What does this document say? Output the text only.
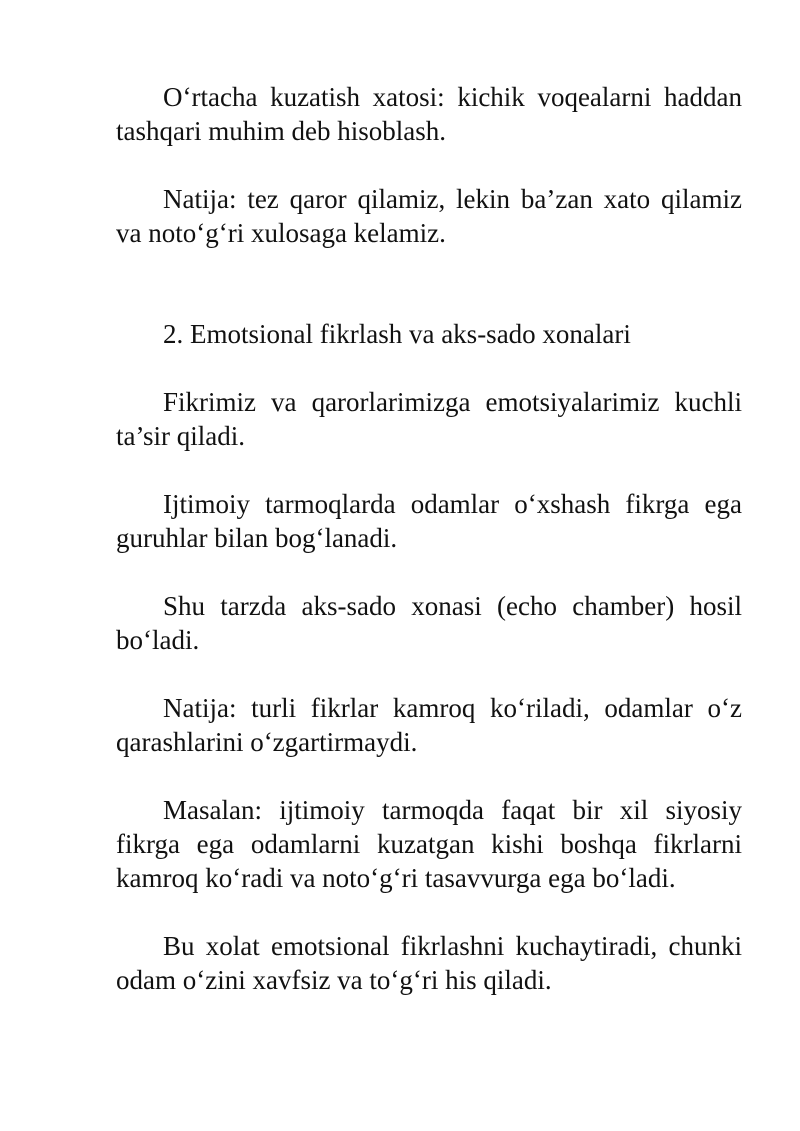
O‘rtacha kuzatish xatosi: kichik voqealarni haddan tashqari muhim deb hisoblash.

Natija: tez qaror qilamiz, lekin ba’zan xato qilamiz va noto‘g‘ri xulosaga kelamiz.

2. Emotsional fikrlash va aks-sado xonalari

Fikrimiz va qarorlarimizga emotsiyalarimiz kuchli ta’sir qiladi.

Ijtimoiy tarmoqlarda odamlar o‘xshash fikrga ega guruhlar bilan bog‘lanadi.

Shu tarzda aks-sado xonasi (echo chamber) hosil bo‘ladi.

Natija: turli fikrlar kamroq ko‘riladi, odamlar o‘z qarashlarini o‘zgartirmaydi.

Masalan: ijtimoiy tarmoqda faqat bir xil siyosiy fikrga ega odamlarni kuzatgan kishi boshqa fikrlarni kamroq ko‘radi va noto‘g‘ri tasavvurga ega bo‘ladi.

Bu xolat emotsional fikrlashni kuchaytiradi, chunki odam o‘zini xavfsiz va to‘g‘ri his qiladi.
